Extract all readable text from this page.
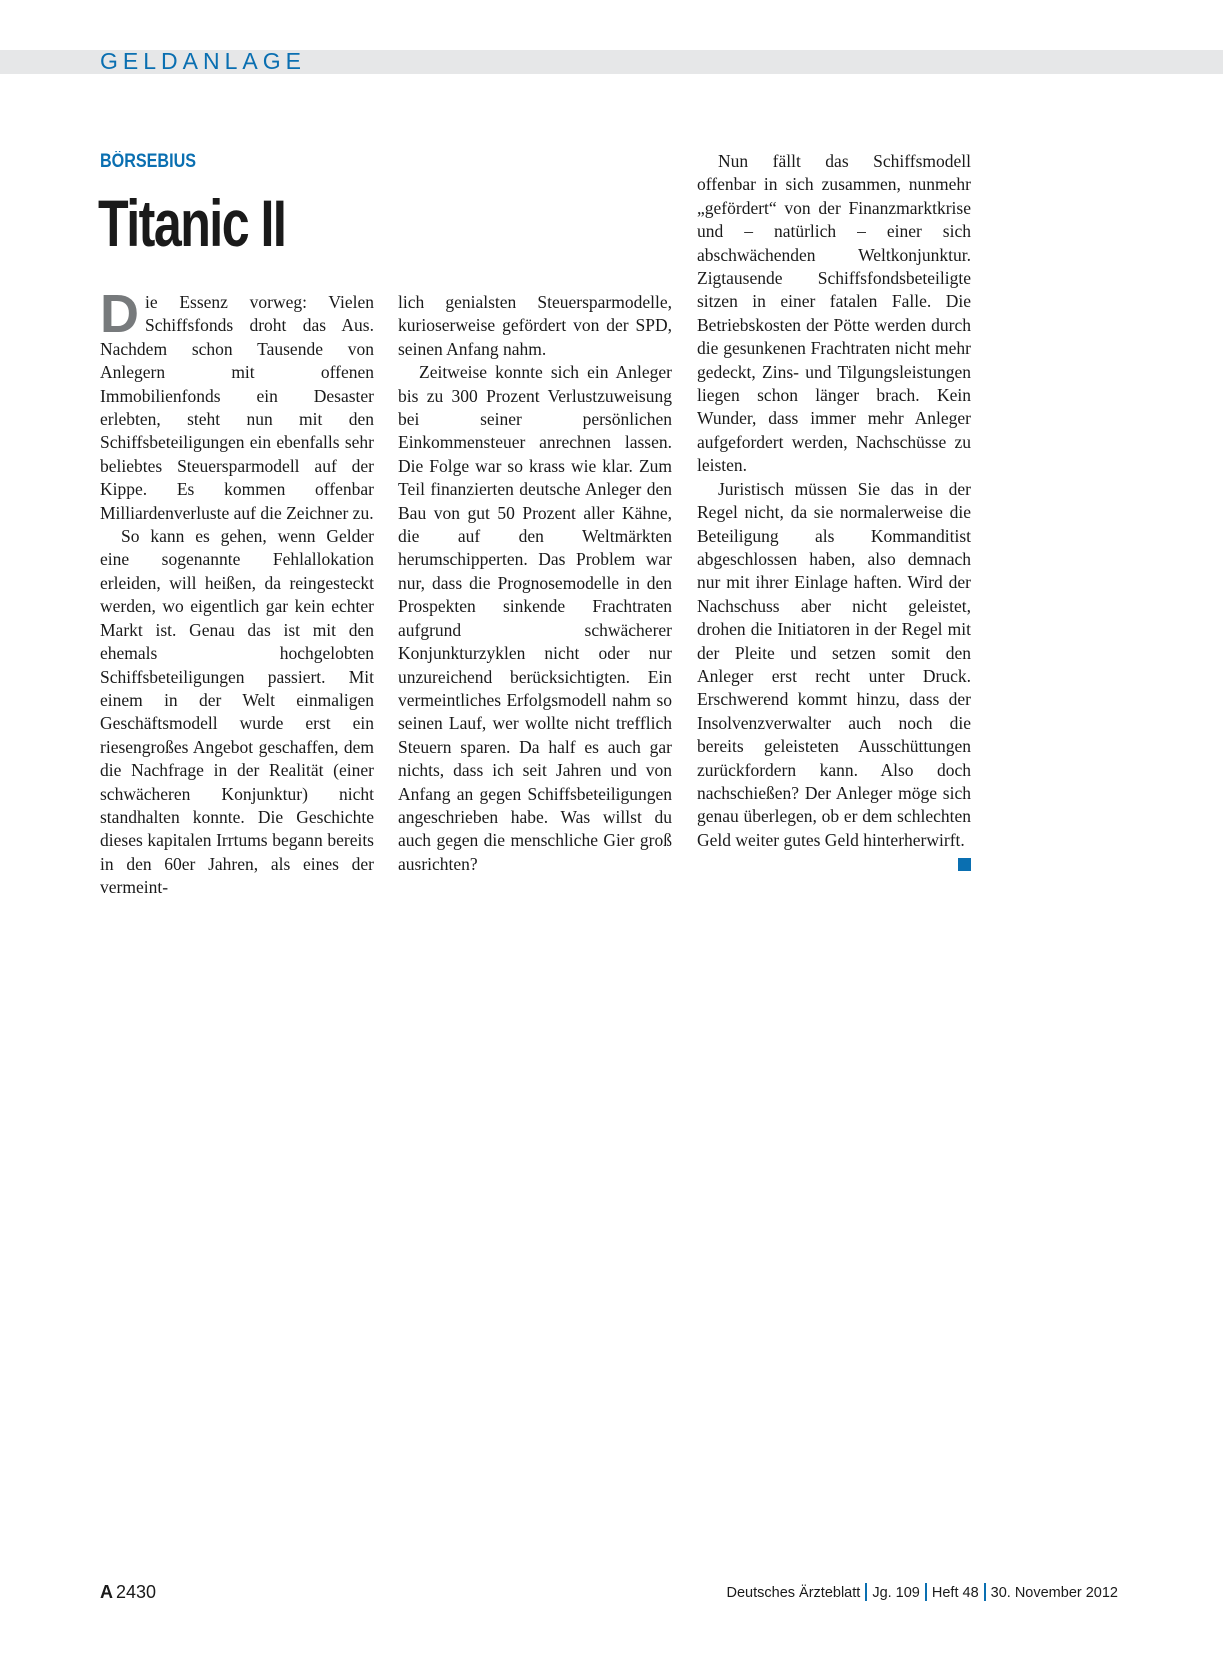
GELDANLAGE
BÖRSEBIUS
Titanic II

Die Essenz vorweg: Vielen Schiffsfonds droht das Aus. Nachdem schon Tausende von Anlegern mit offenen Immobilienfonds ein Desaster erlebten, steht nun mit den Schiffsbeteiligungen ein ebenfalls sehr beliebtes Steuersparmodell auf der Kippe. Es kommen offenbar Milliardenverluste auf die Zeichner zu.

So kann es gehen, wenn Gelder eine sogenannte Fehlallokation erleiden, will heißen, da reingesteckt werden, wo eigentlich gar kein echter Markt ist. Genau das ist mit den ehemals hochgelobten Schiffsbeteiligungen passiert. Mit einem in der Welt einmaligen Geschäftsmodell wurde erst ein riesengroßes Angebot geschaffen, dem die Nachfrage in der Realität (einer schwächeren Konjunktur) nicht standhalten konnte. Die Geschichte dieses kapitalen Irrtums begann bereits in den 60er Jahren, als eines der vermeint-

lich genialsten Steuersparmodelle, kurioserweise gefördert von der SPD, seinen Anfang nahm.

Zeitweise konnte sich ein Anleger bis zu 300 Prozent Verlustzuweisung bei seiner persönlichen Einkommensteuer anrechnen lassen. Die Folge war so krass wie klar. Zum Teil finanzierten deutsche Anleger den Bau von gut 50 Prozent aller Kähne, die auf den Weltmärkten herumschipperten. Das Problem war nur, dass die Prognosemodelle in den Prospekten sinkende Frachtraten aufgrund schwächerer Konjunkturzyklen nicht oder nur unzureichend berücksichtigten. Ein vermeintliches Erfolgsmodell nahm so seinen Lauf, wer wollte nicht trefflich Steuern sparen. Da half es auch gar nichts, dass ich seit Jahren und von Anfang an gegen Schiffsbeteiligungen angeschrieben habe. Was willst du auch gegen die menschliche Gier groß ausrichten?

Nun fällt das Schiffsmodell offenbar in sich zusammen, nunmehr „gefördert“ von der Finanzmarktkrise und – natürlich – einer sich abschwächenden Weltkonjunktur. Zigtausende Schiffsfondsbeteiligte sitzen in einer fatalen Falle. Die Betriebskosten der Pötte werden durch die gesunkenen Frachtraten nicht mehr gedeckt, Zins- und Tilgungsleistungen liegen schon länger brach. Kein Wunder, dass immer mehr Anleger aufgefordert werden, Nachschüsse zu leisten.

Juristisch müssen Sie das in der Regel nicht, da sie normalerweise die Beteiligung als Kommanditist abgeschlossen haben, also demnach nur mit ihrer Einlage haften. Wird der Nachschuss aber nicht geleistet, drohen die Initiatoren in der Regel mit der Pleite und setzen somit den Anleger erst recht unter Druck. Erschwerend kommt hinzu, dass der Insolvenzverwalter auch noch die bereits geleisteten Ausschüttungen zurückfordern kann. Also doch nachschießen? Der Anleger möge sich genau überlegen, ob er dem schlechten Geld weiter gutes Geld hinterherwirft.

A 2430	Deutsches Ärzteblatt Jg. 109 Heft 48 30. November 2012
